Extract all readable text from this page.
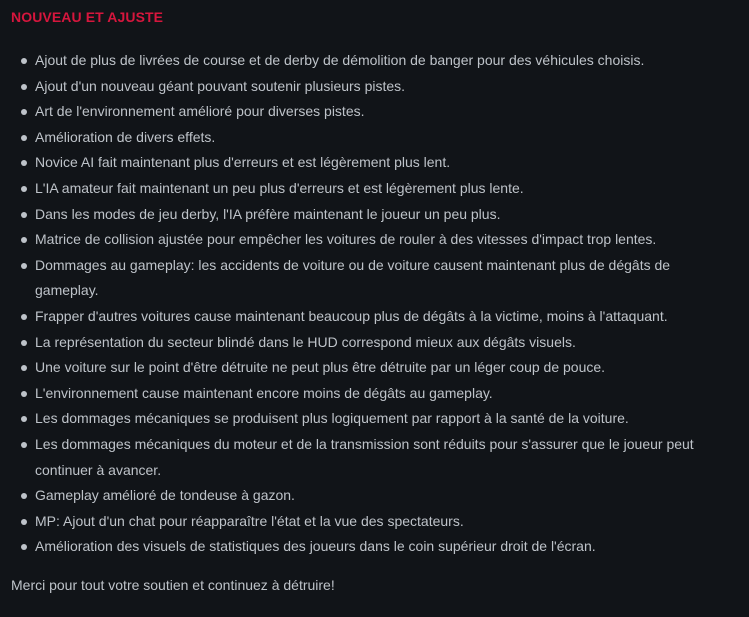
NOUVEAU ET AJUSTE
Ajout de plus de livrées de course et de derby de démolition de banger pour des véhicules choisis.
Ajout d'un nouveau géant pouvant soutenir plusieurs pistes.
Art de l'environnement amélioré pour diverses pistes.
Amélioration de divers effets.
Novice AI fait maintenant plus d'erreurs et est légèrement plus lent.
L'IA amateur fait maintenant un peu plus d'erreurs et est légèrement plus lente.
Dans les modes de jeu derby, l'IA préfère maintenant le joueur un peu plus.
Matrice de collision ajustée pour empêcher les voitures de rouler à des vitesses d'impact trop lentes.
Dommages au gameplay: les accidents de voiture ou de voiture causent maintenant plus de dégâts de gameplay.
Frapper d'autres voitures cause maintenant beaucoup plus de dégâts à la victime, moins à l'attaquant.
La représentation du secteur blindé dans le HUD correspond mieux aux dégâts visuels.
Une voiture sur le point d'être détruite ne peut plus être détruite par un léger coup de pouce.
L'environnement cause maintenant encore moins de dégâts au gameplay.
Les dommages mécaniques se produisent plus logiquement par rapport à la santé de la voiture.
Les dommages mécaniques du moteur et de la transmission sont réduits pour s'assurer que le joueur peut continuer à avancer.
Gameplay amélioré de tondeuse à gazon.
MP: Ajout d'un chat pour réapparaître l'état et la vue des spectateurs.
Amélioration des visuels de statistiques des joueurs dans le coin supérieur droit de l'écran.

Merci pour tout votre soutien et continuez à détruire!
